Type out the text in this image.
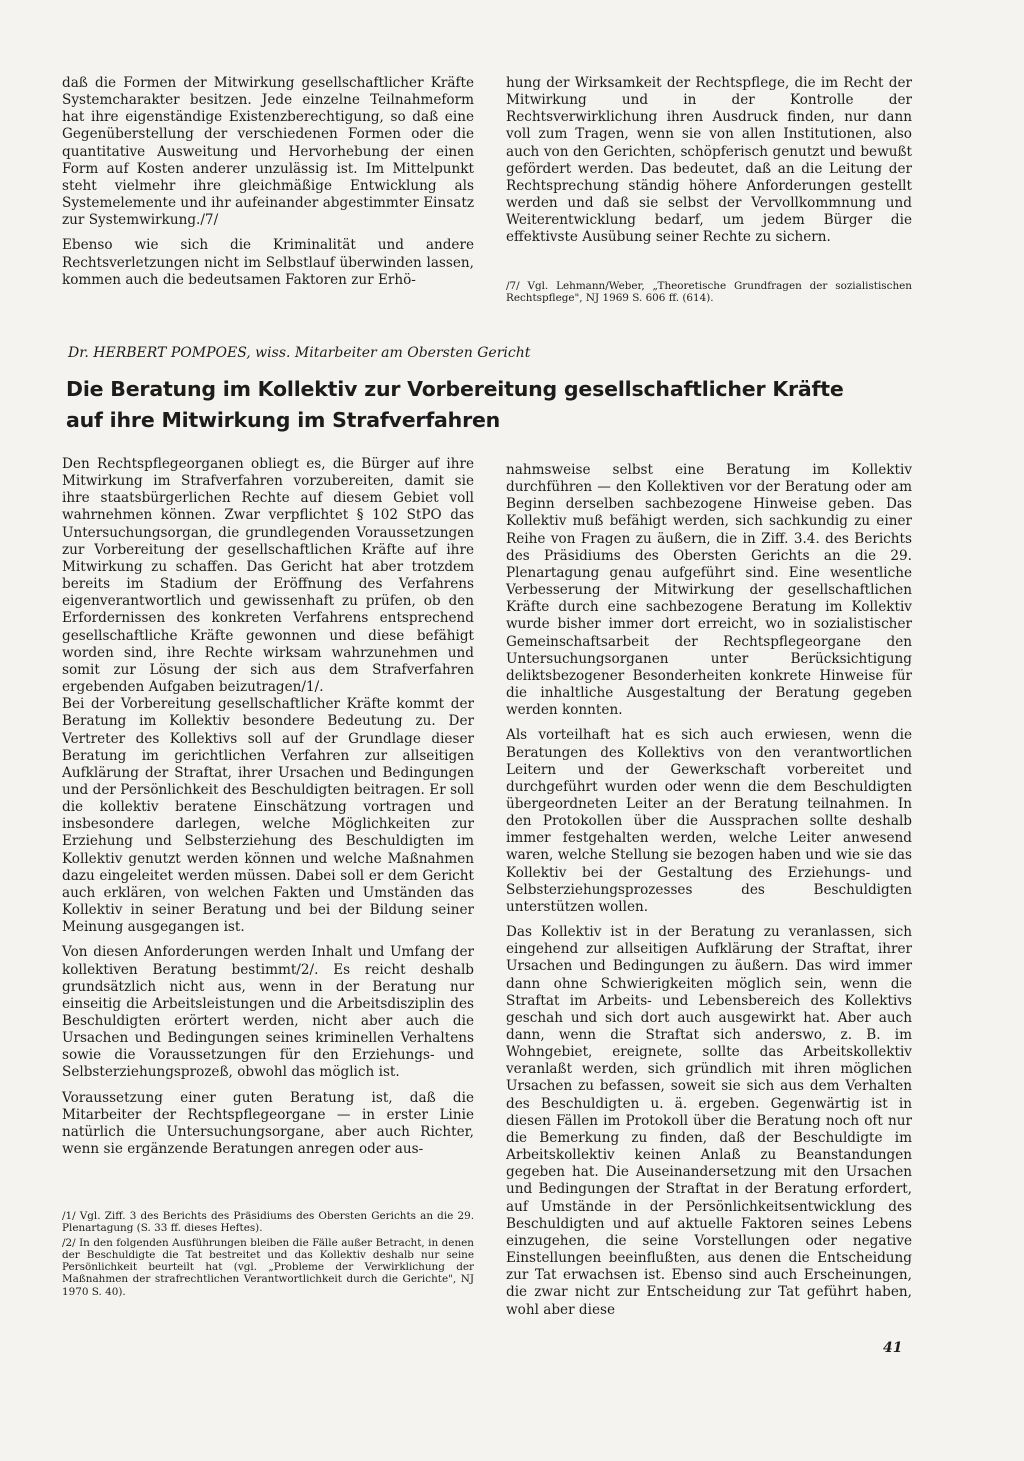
daß die Formen der Mitwirkung gesellschaftlicher Kräfte Systemcharakter besitzen. Jede einzelne Teilnahmeform hat ihre eigenständige Existenzberechtigung, so daß eine Gegenüberstellung der verschiedenen Formen oder die quantitative Ausweitung und Hervorhebung der einen Form auf Kosten anderer unzulässig ist. Im Mittelpunkt steht vielmehr ihre gleichmäßige Entwicklung als Systemelemente und ihr aufeinander abgestimmter Einsatz zur Systemwirkung./7/

Ebenso wie sich die Kriminalität und andere Rechtsverletzungen nicht im Selbstlauf überwinden lassen, kommen auch die bedeutsamen Faktoren zur Erhö-

hung der Wirksamkeit der Rechtspflege, die im Recht der Mitwirkung und in der Kontrolle der Rechtsverwirklichung ihren Ausdruck finden, nur dann voll zum Tragen, wenn sie von allen Institutionen, also auch von den Gerichten, schöpferisch genutzt und bewußt gefördert werden. Das bedeutet, daß an die Leitung der Rechtsprechung ständig höhere Anforderungen gestellt werden und daß sie selbst der Vervollkommnung und Weiterentwicklung bedarf, um jedem Bürger die effektivste Ausübung seiner Rechte zu sichern.

/7/ Vgl. Lehmann/Weber, „Theoretische Grundfragen der sozialistischen Rechtspflege", NJ 1969 S. 606 ff. (614).

Dr. HERBERT POMPOES, wiss. Mitarbeiter am Obersten Gericht
Die Beratung im Kollektiv zur Vorbereitung gesellschaftlicher Kräfte
auf ihre Mitwirkung im Strafverfahren

Den Rechtspflegeorganen obliegt es, die Bürger auf ihre Mitwirkung im Strafverfahren vorzubereiten, damit sie ihre staatsbürgerlichen Rechte auf diesem Gebiet voll wahrnehmen können. Zwar verpflichtet § 102 StPO das Untersuchungsorgan, die grundlegenden Voraussetzungen zur Vorbereitung der gesellschaftlichen Kräfte auf ihre Mitwirkung zu schaffen. Das Gericht hat aber trotzdem bereits im Stadium der Eröffnung des Verfahrens eigenverantwortlich und gewissenhaft zu prüfen, ob den Erfordernissen des konkreten Verfahrens entsprechend gesellschaftliche Kräfte gewonnen und diese befähigt worden sind, ihre Rechte wirksam wahrzunehmen und somit zur Lösung der sich aus dem Strafverfahren ergebenden Aufgaben beizutragen/1/.

Bei der Vorbereitung gesellschaftlicher Kräfte kommt der Beratung im Kollektiv besondere Bedeutung zu. Der Vertreter des Kollektivs soll auf der Grundlage dieser Beratung im gerichtlichen Verfahren zur allseitigen Aufklärung der Straftat, ihrer Ursachen und Bedingungen und der Persönlichkeit des Beschuldigten beitragen. Er soll die kollektiv beratene Einschätzung vortragen und insbesondere darlegen, welche Möglichkeiten zur Erziehung und Selbsterziehung des Beschuldigten im Kollektiv genutzt werden können und welche Maßnahmen dazu eingeleitet werden müssen. Dabei soll er dem Gericht auch erklären, von welchen Fakten und Umständen das Kollektiv in seiner Beratung und bei der Bildung seiner Meinung ausgegangen ist.

Von diesen Anforderungen werden Inhalt und Umfang der kollektiven Beratung bestimmt/2/. Es reicht deshalb grundsätzlich nicht aus, wenn in der Beratung nur einseitig die Arbeitsleistungen und die Arbeitsdisziplin des Beschuldigten erörtert werden, nicht aber auch die Ursachen und Bedingungen seines kriminellen Verhaltens sowie die Voraussetzungen für den Erziehungs- und Selbsterziehungsprozeß, obwohl das möglich ist.

Voraussetzung einer guten Beratung ist, daß die Mitarbeiter der Rechtspflegeorgane — in erster Linie natürlich die Untersuchungsorgane, aber auch Richter, wenn sie ergänzende Beratungen anregen oder aus-

nahmsweise selbst eine Beratung im Kollektiv durchführen — den Kollektiven vor der Beratung oder am Beginn derselben sachbezogene Hinweise geben. Das Kollektiv muß befähigt werden, sich sachkundig zu einer Reihe von Fragen zu äußern, die in Ziff. 3.4. des Berichts des Präsidiums des Obersten Gerichts an die 29. Plenartagung genau aufgeführt sind. Eine wesentliche Verbesserung der Mitwirkung der gesellschaftlichen Kräfte durch eine sachbezogene Beratung im Kollektiv wurde bisher immer dort erreicht, wo in sozialistischer Gemeinschaftsarbeit der Rechtspflegeorgane den Untersuchungsorganen unter Berücksichtigung deliktsbezogener Besonderheiten konkrete Hinweise für die inhaltliche Ausgestaltung der Beratung gegeben werden konnten.

Als vorteilhaft hat es sich auch erwiesen, wenn die Beratungen des Kollektivs von den verantwortlichen Leitern und der Gewerkschaft vorbereitet und durchgeführt wurden oder wenn die dem Beschuldigten übergeordneten Leiter an der Beratung teilnahmen. In den Protokollen über die Aussprachen sollte deshalb immer festgehalten werden, welche Leiter anwesend waren, welche Stellung sie bezogen haben und wie sie das Kollektiv bei der Gestaltung des Erziehungs- und Selbsterziehungsprozesses des Beschuldigten unterstützen wollen.

Das Kollektiv ist in der Beratung zu veranlassen, sich eingehend zur allseitigen Aufklärung der Straftat, ihrer Ursachen und Bedingungen zu äußern. Das wird immer dann ohne Schwierigkeiten möglich sein, wenn die Straftat im Arbeits- und Lebensbereich des Kollektivs geschah und sich dort auch ausgewirkt hat. Aber auch dann, wenn die Straftat sich anderswo, z. B. im Wohngebiet, ereignete, sollte das Arbeitskollektiv veranlaßt werden, sich gründlich mit ihren möglichen Ursachen zu befassen, soweit sie sich aus dem Verhalten des Beschuldigten u. ä. ergeben. Gegenwärtig ist in diesen Fällen im Protokoll über die Beratung noch oft nur die Bemerkung zu finden, daß der Beschuldigte im Arbeitskollektiv keinen Anlaß zu Beanstandungen gegeben hat. Die Auseinandersetzung mit den Ursachen und Bedingungen der Straftat in der Beratung erfordert, auf Umstände in der Persönlichkeitsentwicklung des Beschuldigten und auf aktuelle Faktoren seines Lebens einzugehen, die seine Vorstellungen oder negative Einstellungen beeinflußten, aus denen die Entscheidung zur Tat erwachsen ist. Ebenso sind auch Erscheinungen, die zwar nicht zur Entscheidung zur Tat geführt haben, wohl aber diese

/1/ Vgl. Ziff. 3 des Berichts des Präsidiums des Obersten Gerichts an die 29. Plenartagung (S. 33 ff. dieses Heftes).

/2/ In den folgenden Ausführungen bleiben die Fälle außer Betracht, in denen der Beschuldigte die Tat bestreitet und das Kollektiv deshalb nur seine Persönlichkeit beurteilt hat (vgl. „Probleme der Verwirklichung der Maßnahmen der strafrechtlichen Verantwortlichkeit durch die Gerichte", NJ 1970 S. 40).

41
